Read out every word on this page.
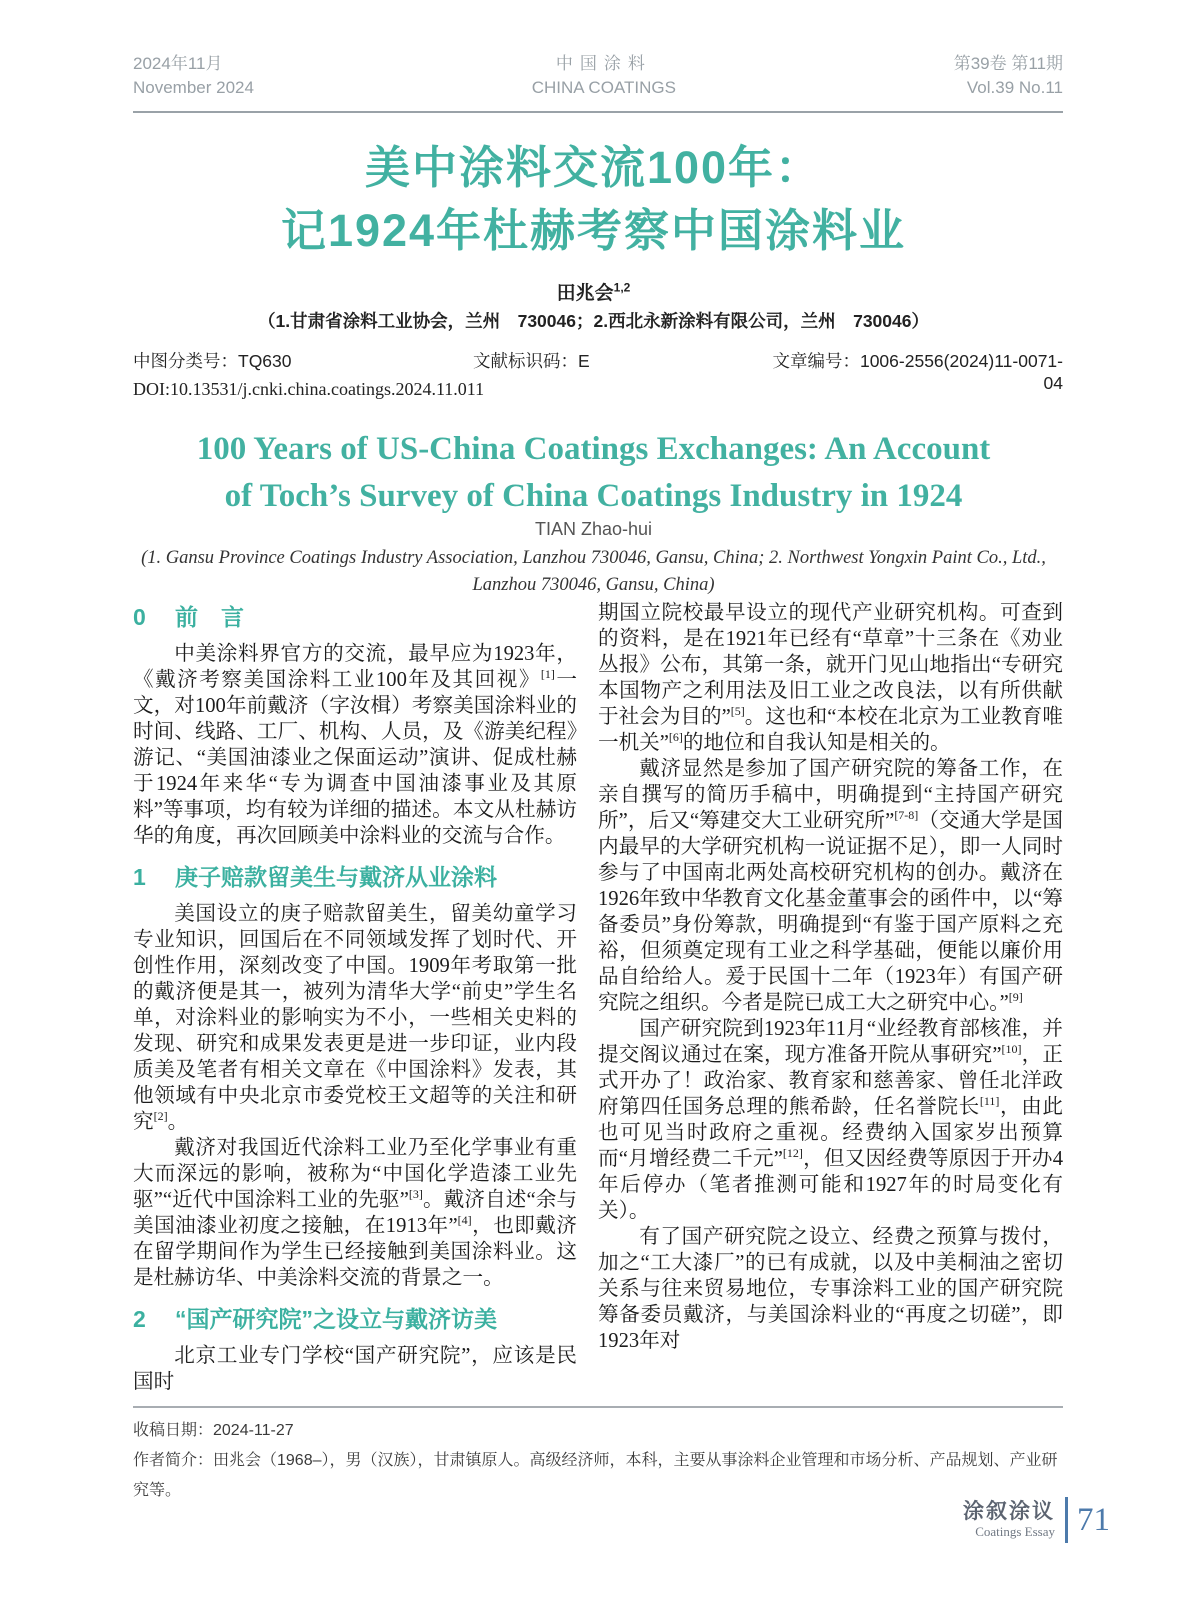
2024年11月
November 2024
中国涂料
CHINA COATINGS
第39卷 第11期
Vol.39 No.11
美中涂料交流100年：
记1924年杜赫考察中国涂料业
田兆会$^{1,2}$
（1.甘肃省涂料工业协会，兰州　730046；2.西北永新涂料有限公司，兰州　730046）
中图分类号：TQ630	文献标识码：E	文章编号：1006-2556(2024)11-0071-04
DOI:10.13531/j.cnki.china.coatings.2024.11.011
100 Years of US-China Coatings Exchanges: An Account
of Toch’s Survey of China Coatings Industry in 1924
TIAN Zhao-hui
(1. Gansu Province Coatings Industry Association, Lanzhou 730046, Gansu, China; 2. Northwest Yongxin Paint Co., Ltd.,
Lanzhou 730046, Gansu, China)
0 前　言

中美涂料界官方的交流，最早应为1923年，《戴济考察美国涂料工业100年及其回视》[1]一文，对100年前戴济（字汝楫）考察美国涂料业的时间、线路、工厂、机构、人员，及《游美纪程》游记、“美国油漆业之保面运动”演讲、促成杜赫于1924年来华“专为调查中国油漆事业及其原料”等事项，均有较为详细的描述。本文从杜赫访华的角度，再次回顾美中涂料业的交流与合作。

1 庚子赔款留美生与戴济从业涂料

美国设立的庚子赔款留美生，留美幼童学习专业知识，回国后在不同领域发挥了划时代、开创性作用，深刻改变了中国。1909年考取第一批的戴济便是其一，被列为清华大学“前史”学生名单，对涂料业的影响实为不小，一些相关史料的发现、研究和成果发表更是进一步印证，业内段质美及笔者有相关文章在《中国涂料》发表，其他领域有中央北京市委党校王文超等的关注和研究[2]。

戴济对我国近代涂料工业乃至化学事业有重大而深远的影响，被称为“中国化学造漆工业先驱”“近代中国涂料工业的先驱”[3]。戴济自述“余与美国油漆业初度之接触，在1913年”[4]，也即戴济在留学期间作为学生已经接触到美国涂料业。这是杜赫访华、中美涂料交流的背景之一。

2 “国产研究院”之设立与戴济访美

北京工业专门学校“国产研究院”，应该是民国时

期国立院校最早设立的现代产业研究机构。可查到的资料，是在1921年已经有“草章”十三条在《劝业丛报》公布，其第一条，就开门见山地指出“专研究本国物产之利用法及旧工业之改良法，以有所供献于社会为目的”[5]。这也和“本校在北京为工业教育唯一机关”[6]的地位和自我认知是相关的。

戴济显然是参加了国产研究院的筹备工作，在亲自撰写的简历手稿中，明确提到“主持国产研究所”，后又“筹建交大工业研究所”[7-8]（交通大学是国内最早的大学研究机构一说证据不足），即一人同时参与了中国南北两处高校研究机构的创办。戴济在1926年致中华教育文化基金董事会的函件中，以“筹备委员”身份筹款，明确提到“有鉴于国产原料之充裕，但须奠定现有工业之科学基础，便能以廉价用品自给给人。爰于民国十二年（1923年）有国产研究院之组织。今者是院已成工大之研究中心。”[9]

国产研究院到1923年11月“业经教育部核准，并提交阁议通过在案，现方准备开院从事研究”[10]，正式开办了！政治家、教育家和慈善家、曾任北洋政府第四任国务总理的熊希龄，任名誉院长[11]，由此也可见当时政府之重视。经费纳入国家岁出预算而“月增经费二千元”[12]，但又因经费等原因于开办4年后停办（笔者推测可能和1927年的时局变化有关）。

有了国产研究院之设立、经费之预算与拨付，加之“工大漆厂”的已有成就，以及中美桐油之密切关系与往来贸易地位，专事涂料工业的国产研究院筹备委员戴济，与美国涂料业的“再度之切磋”，即1923年对

收稿日期：2024-11-27
作者简介：田兆会（1968–），男（汉族），甘肃镇原人。高级经济师，本科，主要从事涂料企业管理和市场分析、产品规划、产业研究等。
涂叙涂议
Coatings Essay 71
